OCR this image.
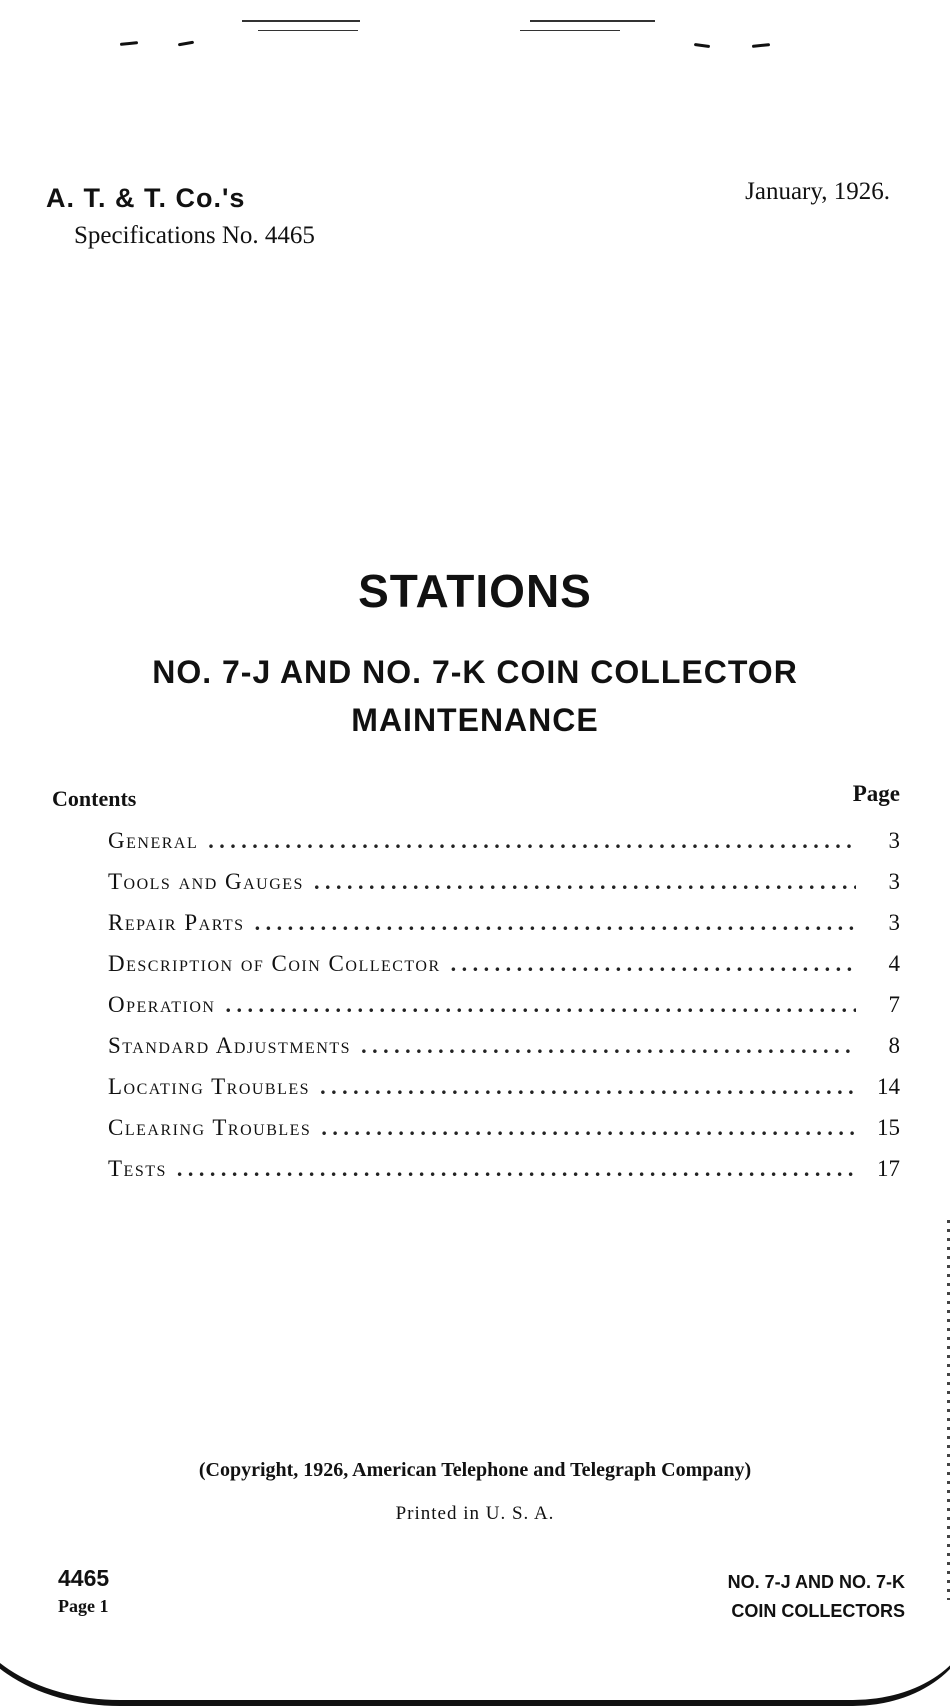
A. T. & T. Co.'s
Specifications No. 4465
January, 1926.
STATIONS
NO. 7-J AND NO. 7-K COIN COLLECTOR
MAINTENANCE
Contents	Page
General . . .	3
Tools and Gauges . . .	3
Repair Parts . . .	3
Description of Coin Collector . . .	4
Operation . . .	7
Standard Adjustments . . .	8
Locating Troubles . . .	14
Clearing Troubles . . .	15
Tests . . .	17
(Copyright, 1926, American Telephone and Telegraph Company)
Printed in U. S. A.
4465
Page 1
NO. 7-J AND NO. 7-K
COIN COLLECTORS
